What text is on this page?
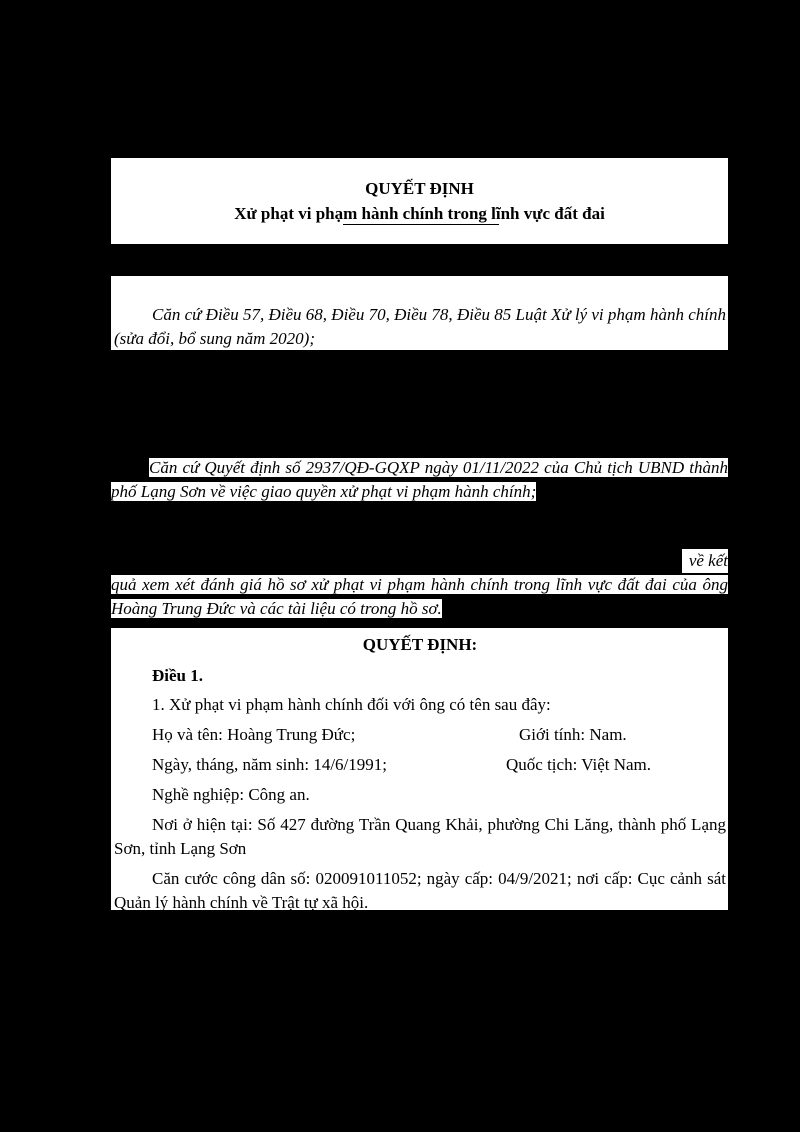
QUYẾT ĐỊNH
Xử phạt vi phạm hành chính trong lĩnh vực đất đai
Căn cứ Điều 57, Điều 68, Điều 70, Điều 78, Điều 85 Luật Xử lý vi phạm hành chính (sửa đổi, bổ sung năm 2020);
Căn cứ Quyết định số 2937/QĐ-GQXP ngày 01/11/2022 của Chủ tịch UBND thành phố Lạng Sơn về việc giao quyền xử phạt vi phạm hành chính;
về kết
quả xem xét đánh giá hồ sơ xử phạt vi phạm hành chính trong lĩnh vực đất đai của ông Hoàng Trung Đức và các tài liệu có trong hồ sơ.
QUYẾT ĐỊNH:
Điều 1.
1. Xử phạt vi phạm hành chính đối với ông có tên sau đây:
Họ và tên: Hoàng Trung Đức;	Giới tính: Nam.
Ngày, tháng, năm sinh: 14/6/1991;	Quốc tịch: Việt Nam.
Nghề nghiệp: Công an.
Nơi ở hiện tại: Số 427 đường Trần Quang Khải, phường Chi Lăng, thành phố Lạng Sơn, tỉnh Lạng Sơn
Căn cước công dân số: 020091011052; ngày cấp: 04/9/2021; nơi cấp: Cục cảnh sát Quản lý hành chính về Trật tự xã hội.
